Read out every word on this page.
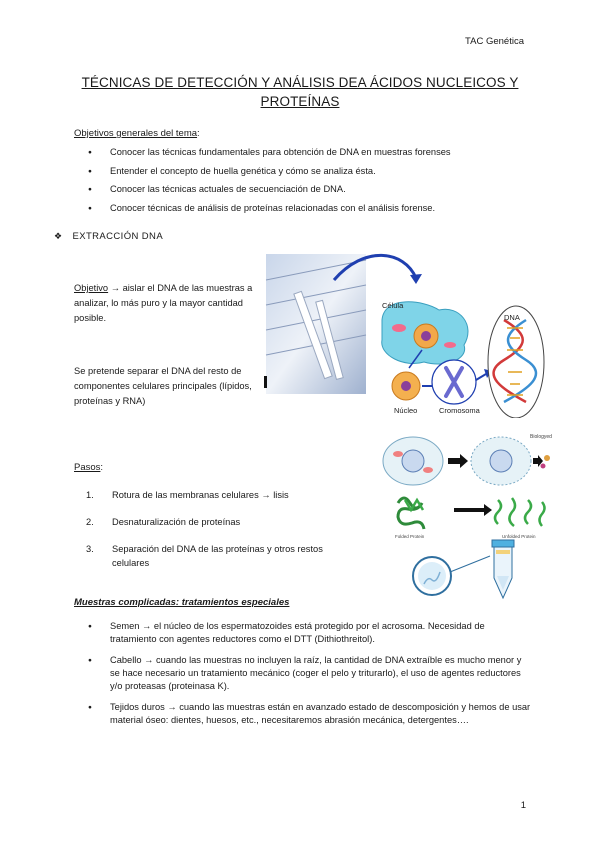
TAC Genética
TÉCNICAS DE DETECCIÓN Y ANÁLISIS DEA ÁCIDOS NUCLEICOS Y PROTEÍNAS
Objetivos generales del tema:
● Conocer las técnicas fundamentales para obtención de DNA en muestras forenses
● Entender el concepto de huella genética y cómo se analiza ésta.
● Conocer las técnicas actuales de secuenciación de DNA.
● Conocer técnicas de análisis de proteínas relacionadas con el análisis forense.
❖ EXTRACCIÓN DNA
Objetivo → aislar el DNA de las muestras a analizar, lo más puro y la mayor cantidad posible.
Se pretende separar el DNA del resto de componentes celulares principales (lípidos, proteínas y RNA)
Célula
Núcleo	Cromosoma
DNA
Pasos:
1. Rotura de las membranas celulares → lisis
2. Desnaturalización de proteínas
3. Separación del DNA de las proteínas y otros restos celulares
Biologyed
Folded Protein	Unfolded Protein
Muestras complicadas: tratamientos especiales
● Semen → el núcleo de los espermatozoides está protegido por el acrosoma. Necesidad de tratamiento con agentes reductores como el DTT (Dithiothreitol).
● Cabello → cuando las muestras no incluyen la raíz, la cantidad de DNA extraíble es mucho menor y se hace necesario un tratamiento mecánico (coger el pelo y triturarlo), el uso de agentes reductores y/o proteasas (proteinasa K).
● Tejidos duros → cuando las muestras están en avanzado estado de descomposición y hemos de usar material óseo: dientes, huesos, etc., necesitaremos abrasión mecánica, detergentes….
1
